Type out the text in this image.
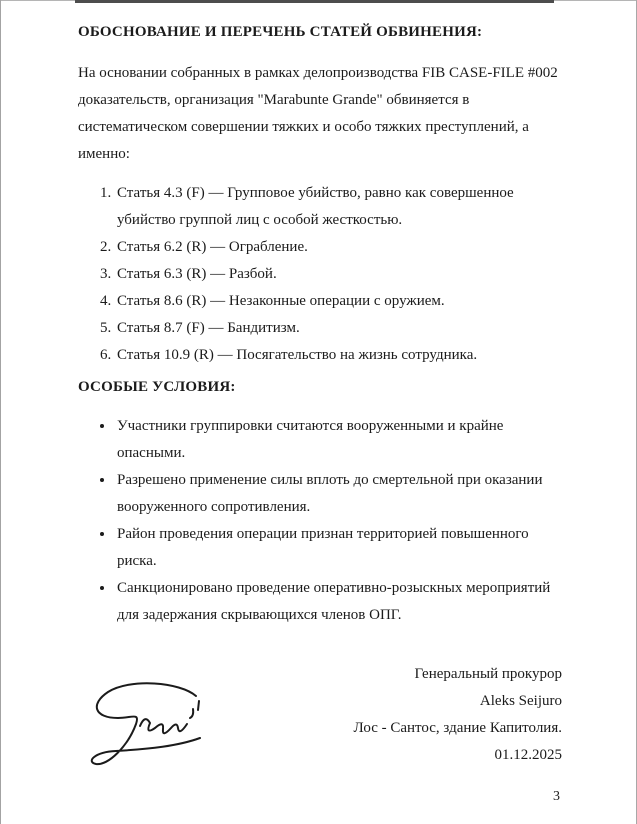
ОБОСНОВАНИЕ И ПЕРЕЧЕНЬ СТАТЕЙ ОБВИНЕНИЯ:

На основании собранных в рамках делопроизводства FIB CASE-FILE #002 доказательств, организация "Marabunte Grande" обвиняется в систематическом совершении тяжких и особо тяжких преступлений, а именно:

1. Статья 4.3 (F) — Групповое убийство, равно как совершенное убийство группой лиц с особой жесткостью.
2. Статья 6.2 (R) — Ограбление.
3. Статья 6.3 (R) — Разбой.
4. Статья 8.6 (R) — Незаконные операции с оружием.
5. Статья 8.7 (F) — Бандитизм.
6. Статья 10.9 (R) — Посягательство на жизнь сотрудника.
ОСОБЫЕ УСЛОВИЯ:
• Участники группировки считаются вооруженными и крайне опасными.
• Разрешено применение силы вплоть до смертельной при оказании вооруженного сопротивления.
• Район проведения операции признан территорией повышенного риска.
• Санкционировано проведение оперативно-розыскных мероприятий для задержания скрывающихся членов ОПГ.
Генеральный прокурор
Aleks Seijuro
Лос - Сантос, здание Капитолия.
01.12.2025
3
